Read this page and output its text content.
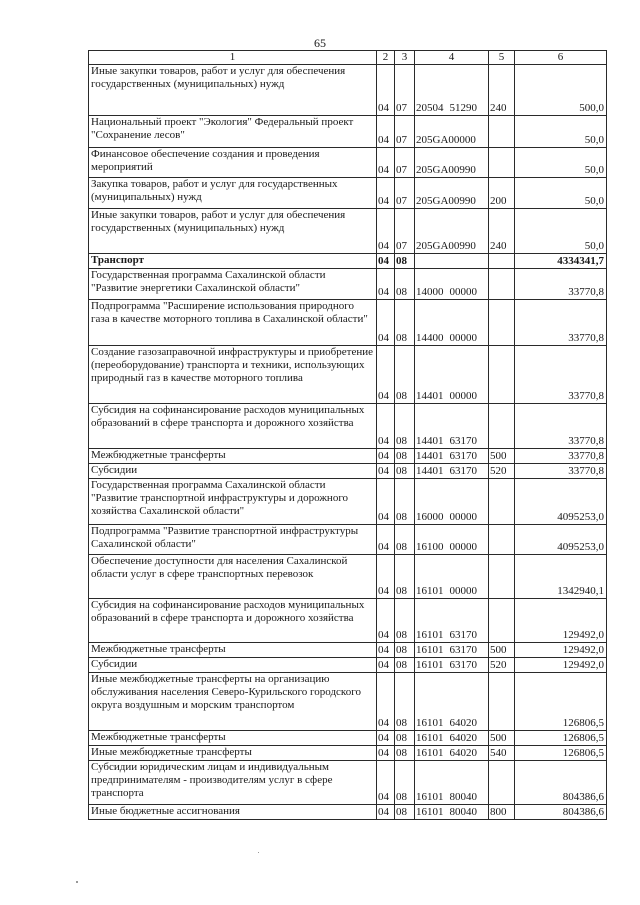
65
1	2	3	4	5	6
Иные закупки товаров, работ и услуг для обеспечения государственных (муниципальных) нужд	04	07	20504 51290	240	500,0
Национальный проект "Экология" Федеральный проект "Сохранение лесов"	04	07	205GA00000		50,0
Финансовое обеспечение создания и проведения мероприятий	04	07	205GA00990		50,0
Закупка товаров, работ и услуг для государственных (муниципальных) нужд	04	07	205GA00990	200	50,0
Иные закупки товаров, работ и услуг для обеспечения государственных (муниципальных) нужд	04	07	205GA00990	240	50,0
Транспорт	04	08			4334341,7
Государственная программа Сахалинской области "Развитие энергетики Сахалинской области"	04	08	14000 00000		33770,8
Подпрограмма "Расширение использования природного газа в качестве моторного топлива в Сахалинской области"	04	08	14400 00000		33770,8
Создание газозаправочной инфраструктуры и приобретение (переоборудование) транспорта и техники, использующих природный газ в качестве моторного топлива	04	08	14401 00000		33770,8
Субсидия на софинансирование расходов муниципальных образований в сфере транспорта и дорожного хозяйства	04	08	14401 63170		33770,8
Межбюджетные трансферты	04	08	14401 63170	500	33770,8
Субсидии	04	08	14401 63170	520	33770,8
Государственная программа Сахалинской области "Развитие транспортной инфраструктуры и дорожного хозяйства Сахалинской области"	04	08	16000 00000		4095253,0
Подпрограмма "Развитие транспортной инфраструктуры Сахалинской области"	04	08	16100 00000		4095253,0
Обеспечение доступности для населения Сахалинской области услуг в сфере транспортных перевозок	04	08	16101 00000		1342940,1
Субсидия на софинансирование расходов муниципальных образований в сфере транспорта и дорожного хозяйства	04	08	16101 63170		129492,0
Межбюджетные трансферты	04	08	16101 63170	500	129492,0
Субсидии	04	08	16101 63170	520	129492,0
Иные межбюджетные трансферты на организацию обслуживания населения Северо-Курильского городского округа воздушным и морским транспортом	04	08	16101 64020		126806,5
Межбюджетные трансферты	04	08	16101 64020	500	126806,5
Иные межбюджетные трансферты	04	08	16101 64020	540	126806,5
Субсидии юридическим лицам и индивидуальным предпринимателям - производителям услуг в сфере транспорта	04	08	16101 80040		804386,6
Иные бюджетные ассигнования	04	08	16101 80040	800	804386,6
